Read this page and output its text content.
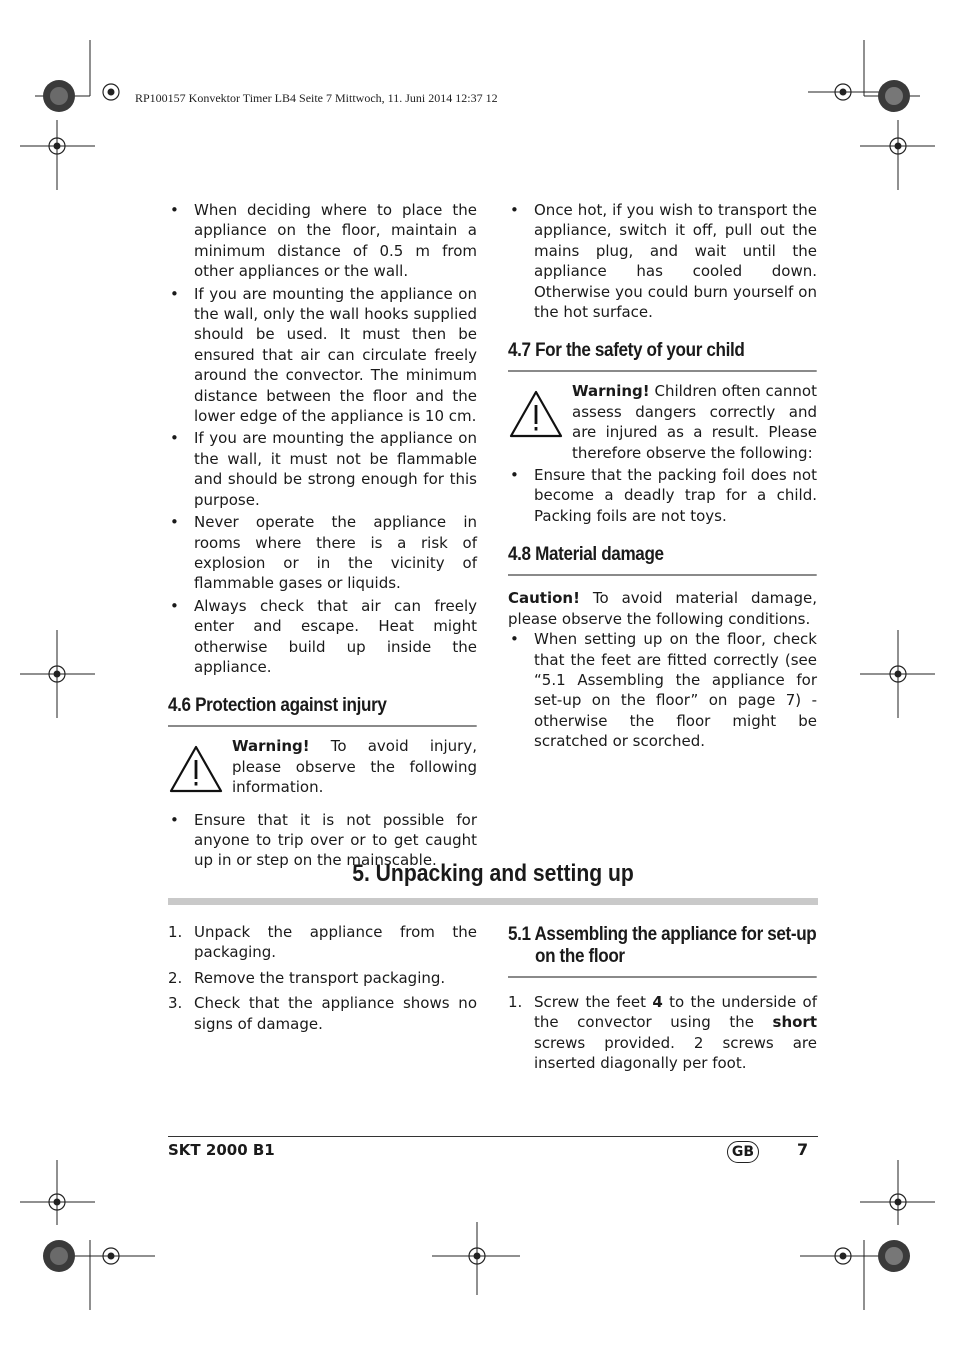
RP100157 Konvektor Timer LB4 Seite 7 Mittwoch, 11. Juni 2014 12:37 12
• When deciding where to place the appliance on the floor, maintain a minimum distance of 0.5 m from other appliances or the wall.
• If you are mounting the appliance on the wall, only the wall hooks supplied should be used. It must then be ensured that air can circulate freely around the convector. The minimum distance between the floor and the lower edge of the appliance is 10 cm.
• If you are mounting the appliance on the wall, it must not be flammable and should be strong enough for this purpose.
• Never operate the appliance in rooms where there is a risk of explosion or in the vicinity of flammable gases or liquids.
• Always check that air can freely enter and escape. Heat might otherwise build up inside the appliance.
4.6 Protection against injury
Warning! To avoid injury, please observe the following information.
• Ensure that it is not possible for anyone to trip over or to get caught up in or step on the mainscable.
• Once hot, if you wish to transport the appliance, switch it off, pull out the mains plug, and wait until the appliance has cooled down. Otherwise you could burn yourself on the hot surface.
4.7 For the safety of your child
Warning! Children often cannot assess dangers correctly and are injured as a result. Please therefore observe the following:
• Ensure that the packing foil does not become a deadly trap for a child. Packing foils are not toys.
4.8 Material damage
Caution! To avoid material damage, please observe the following conditions.
• When setting up on the floor, check that the feet are fitted correctly (see “5.1 Assembling the appliance for set-up on the floor” on page 7) - otherwise the floor might be scratched or scorched.
5. Unpacking and setting up
1. Unpack the appliance from the packaging.
2. Remove the transport packaging.
3. Check that the appliance shows no signs of damage.
5.1 Assembling the appliance for set-up
on the floor
1. Screw the feet 4 to the underside of the convector using the short screws provided. 2 screws are inserted diagonally per foot.
SKT 2000 B1	GB	7
